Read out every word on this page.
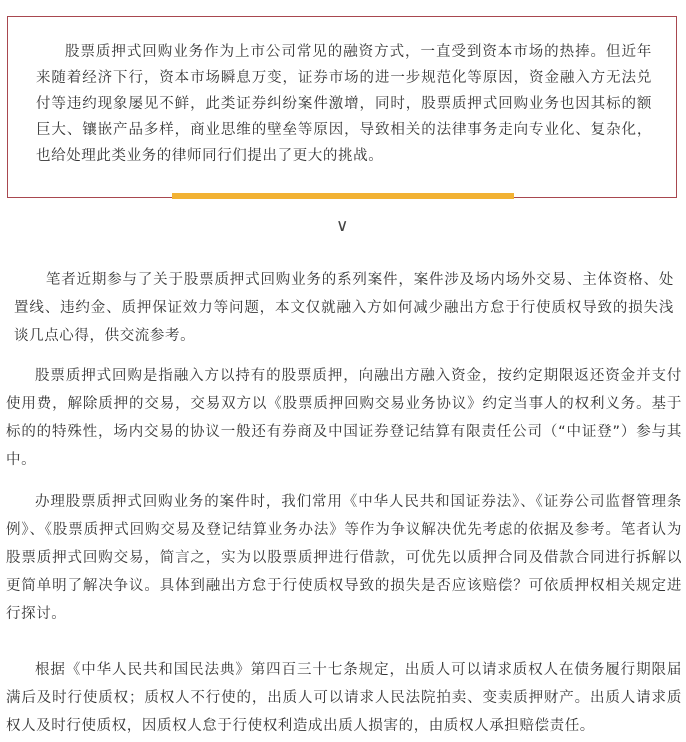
股票质押式回购业务作为上市公司常见的融资方式，一直受到资本市场的热捧。但近年来随着经济下行，资本市场瞬息万变，证券市场的进一步规范化等原因，资金融入方无法兑付等违约现象屡见不鲜，此类证券纠纷案件激增，同时，股票质押式回购业务也因其标的额巨大、镶嵌产品多样，商业思维的壁垒等原因，导致相关的法律事务走向专业化、复杂化，也给处理此类业务的律师同行们提出了更大的挑战。

∨

笔者近期参与了关于股票质押式回购业务的系列案件，案件涉及场内场外交易、主体资格、处置线、违约金、质押保证效力等问题，本文仅就融入方如何减少融出方怠于行使质权导致的损失浅谈几点心得，供交流参考。

股票质押式回购是指融入方以持有的股票质押，向融出方融入资金，按约定期限返还资金并支付使用费，解除质押的交易，交易双方以《股票质押回购交易业务协议》约定当事人的权利义务。基于标的的特殊性，场内交易的协议一般还有券商及中国证券登记结算有限责任公司（“中证登”）参与其中。

办理股票质押式回购业务的案件时，我们常用《中华人民共和国证券法》、《证券公司监督管理条例》、《股票质押式回购交易及登记结算业务办法》等作为争议解决优先考虑的依据及参考。笔者认为股票质押式回购交易，简言之，实为以股票质押进行借款，可优先以质押合同及借款合同进行拆解以更简单明了解决争议。具体到融出方怠于行使质权导致的损失是否应该赔偿？可依质押权相关规定进行探讨。

根据《中华人民共和国民法典》第四百三十七条规定，出质人可以请求质权人在债务履行期限届满后及时行使质权；质权人不行使的，出质人可以请求人民法院拍卖、变卖质押财产。出质人请求质权人及时行使质权，因质权人怠于行使权利造成出质人损害的，由质权人承担赔偿责任。
